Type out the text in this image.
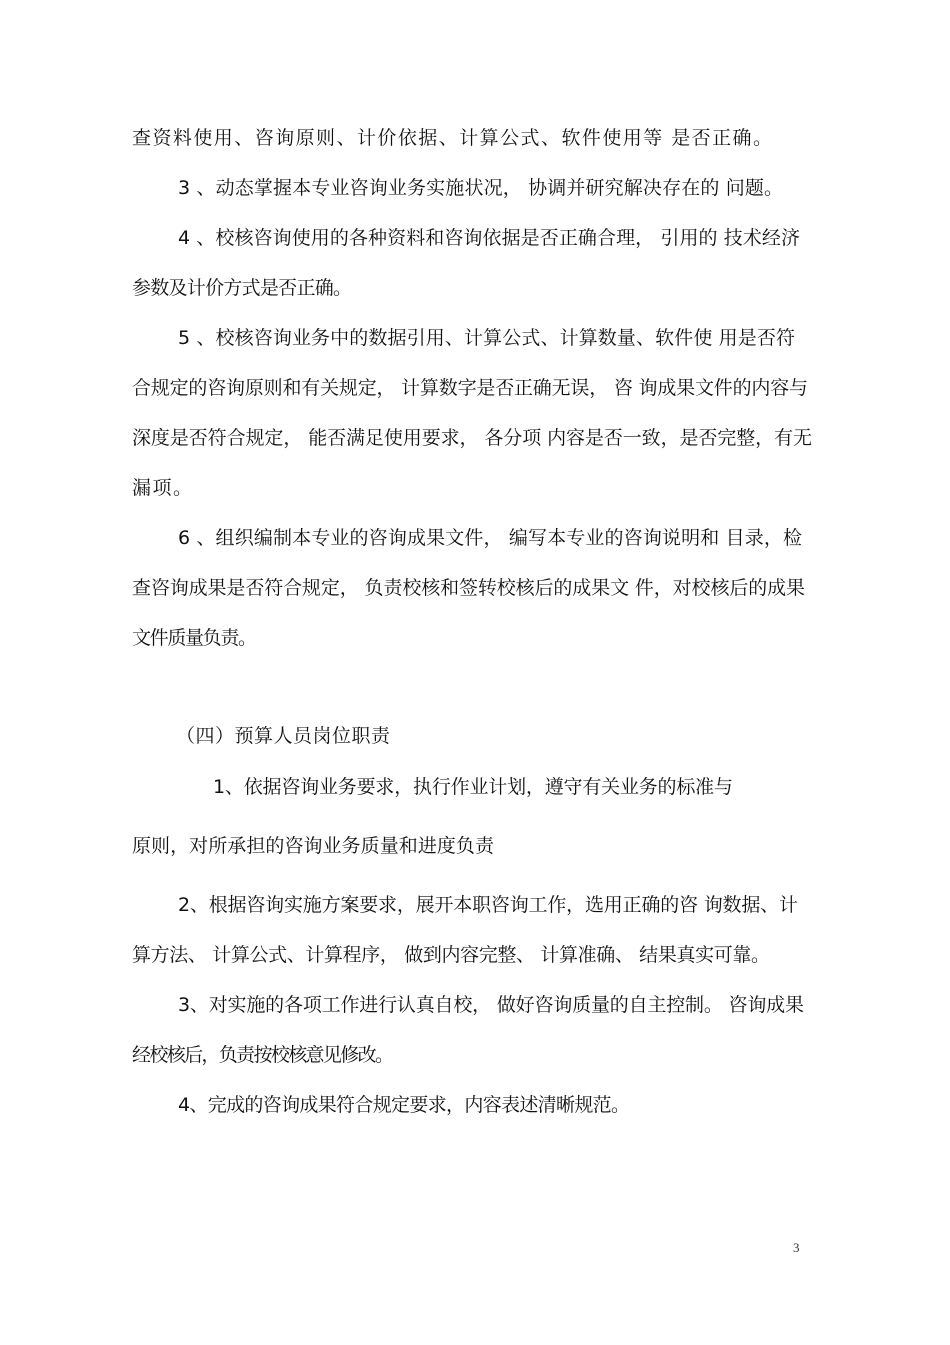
查资料使用、咨询原则、计价依据、计算公式、软件使用等 是否正确。

3 、动态掌握本专业咨询业务实施状况， 协调并研究解决存在的 问题。

4 、校核咨询使用的各种资料和咨询依据是否正确合理， 引用的 技术经济

参数及计价方式是否正确。

5 、校核咨询业务中的数据引用、计算公式、计算数量、软件使 用是否符

合规定的咨询原则和有关规定， 计算数字是否正确无误， 咨 询成果文件的内容与

深度是否符合规定， 能否满足使用要求， 各分项 内容是否一致，是否完整，有无

漏项。

6 、组织编制本专业的咨询成果文件， 编写本专业的咨询说明和 目录，检

查咨询成果是否符合规定， 负责校核和签转校核后的成果文 件，对校核后的成果

文件质量负责。

（四）预算人员岗位职责

1、依据咨询业务要求，执行作业计划，遵守有关业务的标准与

原则，对所承担的咨询业务质量和进度负责

2、根据咨询实施方案要求，展开本职咨询工作，选用正确的咨 询数据、计

算方法、 计算公式、计算程序， 做到内容完整、 计算准确、 结果真实可靠。

3、对实施的各项工作进行认真自校， 做好咨询质量的自主控制。 咨询成果

经校核后，负责按校核意见修改。

4、完成的咨询成果符合规定要求，内容表述清晰规范。

3
